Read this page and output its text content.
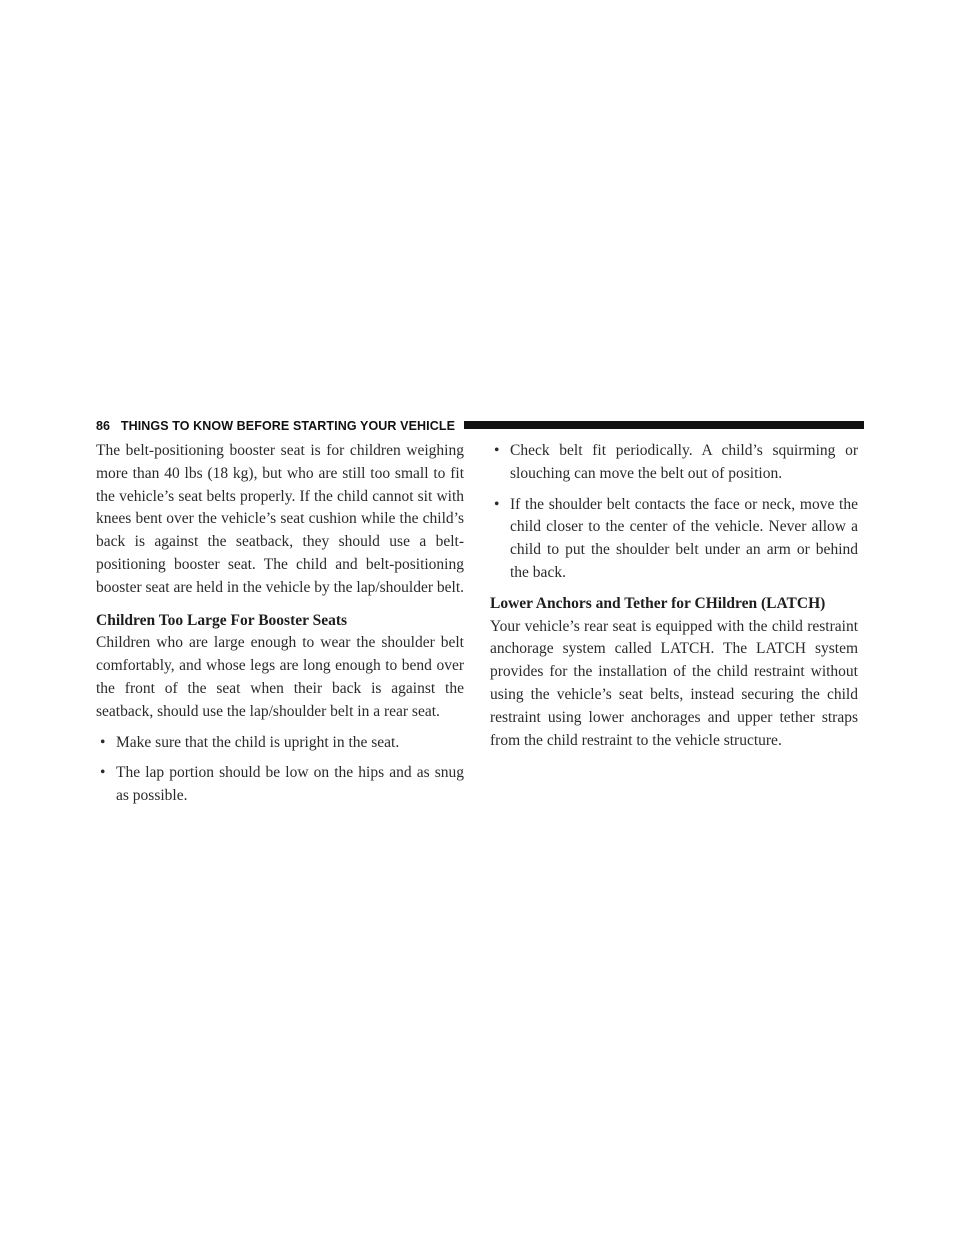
86 THINGS TO KNOW BEFORE STARTING YOUR VEHICLE

The belt-positioning booster seat is for children weighing more than 40 lbs (18 kg), but who are still too small to fit the vehicle’s seat belts properly. If the child cannot sit with knees bent over the vehicle’s seat cushion while the child’s back is against the seatback, they should use a belt-positioning booster seat. The child and belt-positioning booster seat are held in the vehicle by the lap/shoulder belt.

Children Too Large For Booster Seats

Children who are large enough to wear the shoulder belt comfortably, and whose legs are long enough to bend over the front of the seat when their back is against the seatback, should use the lap/shoulder belt in a rear seat.

• Make sure that the child is upright in the seat.
• The lap portion should be low on the hips and as snug as possible.
• Check belt fit periodically. A child’s squirming or slouching can move the belt out of position.
• If the shoulder belt contacts the face or neck, move the child closer to the center of the vehicle. Never allow a child to put the shoulder belt under an arm or behind the back.
Lower Anchors and Tether for CHildren (LATCH)

Your vehicle’s rear seat is equipped with the child restraint anchorage system called LATCH. The LATCH system provides for the installation of the child restraint without using the vehicle’s seat belts, instead securing the child restraint using lower anchorages and upper tether straps from the child restraint to the vehicle structure.
